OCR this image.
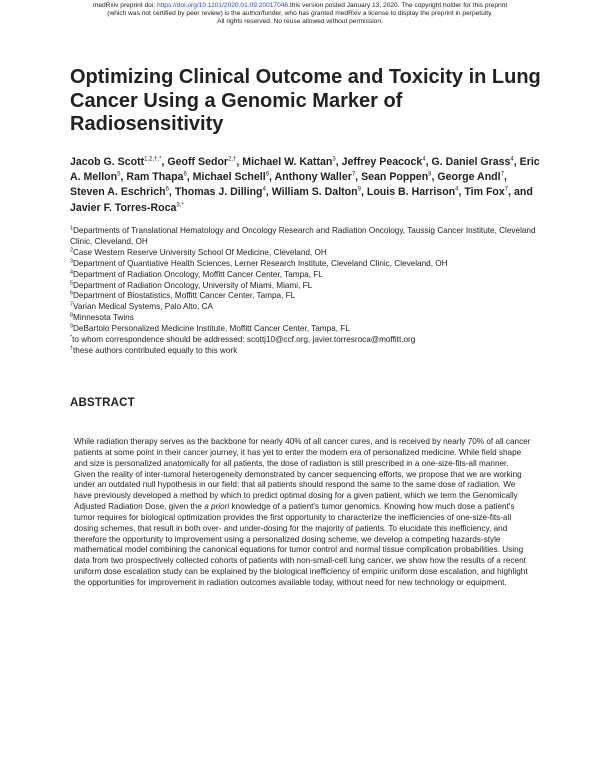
medRxiv preprint doi: https://doi.org/10.1101/2020.01.09.20017046.this version posted January 13, 2020. The copyright holder for this preprint
(which was not certified by peer review) is the author/funder, who has granted medRxiv a license to display the preprint in perpetuity.
All rights reserved. No reuse allowed without permission.
Optimizing Clinical Outcome and Toxicity in Lung Cancer Using a Genomic Marker of Radiosensitivity
Jacob G. Scott$^{1,2,\dagger,*}$, Geoff Sedor$^{2,\dagger}$, Michael W. Kattan$^3$, Jeffrey Peacock$^4$, G. Daniel Grass$^4$, Eric A. Mellon$^5$, Ram Thapa$^6$, Michael Schell$^6$, Anthony Waller$^7$, Sean Poppen$^8$, George Andl$^7$, Steven A. Eschrich$^6$, Thomas J. Dilling$^4$, William S. Dalton$^9$, Louis B. Harrison$^4$, Tim Fox$^7$, and Javier F. Torres-Roca$^{3,*}$
$^1$Departments of Translational Hematology and Oncology Research and Radiation Oncology, Taussig Cancer Institute, Cleveland Clinic, Cleveland, OH
$^2$Case Western Reserve University School Of Medicine, Cleveland, OH
$^3$Department of Quantiative Health Sciences, Lerner Research Institute, Cleveland Clinic, Cleveland, OH
$^4$Department of Radiation Oncology, Moffitt Cancer Center, Tampa, FL
$^5$Department of Radiation Oncology, University of Miami, Miami, FL
$^6$Department of Biostatistics, Moffitt Cancer Center, Tampa, FL
$^7$Varian Medical Systems, Palo Alto, CA
$^8$Minnesota Twins
$^9$DeBartolo Personalized Medicine Institute, Moffitt Cancer Center, Tampa, FL
*to whom correspondence should be addressed: scottj10@ccf.org, javier.torresroca@moffitt.org
†these authors contributed equally to this work
ABSTRACT
While radiation therapy serves as the backbone for nearly 40% of all cancer cures, and is received by nearly 70% of all cancer patients at some point in their cancer journey, it has yet to enter the modern era of personalized medicine. While field shape and size is personalized anatomically for all patients, the dose of radiation is still prescribed in a one-size-fits-all manner. Given the reality of inter-tumoral heterogeneity demonstrated by cancer sequencing efforts, we propose that we are working under an outdated null hypothesis in our field: that all patients should respond the same to the same dose of radiation. We have previously developed a method by which to predict optimal dosing for a given patient, which we term the Genomically Adjusted Radiation Dose, given the a priori knowledge of a patient's tumor genomics. Knowing how much dose a patient's tumor requires for biological optimization provides the first opportunity to characterize the inefficiencies of one-size-fits-all dosing schemes, that result in both over- and under-dosing for the majority of patients. To elucidate this inefficiency, and therefore the opportunity to improvement using a personalized dosing scheme, we develop a competing hazards-style mathematical model combining the canonical equations for tumor control and normal tissue complication probabilities. Using data from two prospectively collected cohorts of patients with non-small-cell lung cancer, we show how the results of a recent uniform dose escalation study can be explained by the biological inefficiency of empiric uniform dose escalation, and highlight the opportunities for improvement in radiation outcomes available today, without need for new technology or equipment.
